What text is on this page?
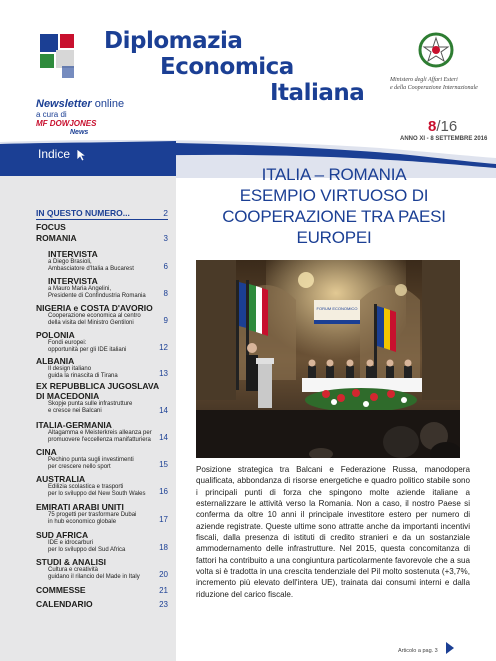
Diplomazia
Economica
Italiana	Ministero degli Affari Esteri
e della Cooperazione Internazionale
Newsletter online
a cura di
MF DOWJONES
News	8/16
ANNO XI - 8 SETTEMBRE 2016
Indice
IN QUESTO NUMERO...	2
FOCUS
ROMANIA	3
INTERVISTA
a Diego Brasioli,
Ambasciatore d'Italia a Bucarest	6
INTERVISTA
a Mauro Maria Angelini,
Presidente di Confindustria Romania	8
NIGERIA e COSTA D'AVORIO
Cooperazione economica al centro
della visita del Ministro Gentiloni	9
POLONIA
Fondi europei:
opportunità per gli IDE italiani	12
ALBANIA
Il design italiano
guida la rinascita di Tirana	13
EX REPUBBLICA JUGOSLAVA
DI MACEDONIA
Skopje punta sulle infrastrutture
e cresce nei Balcani	14
ITALIA-GERMANIA
Altagamma e Meisterkreis alleanza per
promuovere l'eccellenza manifatturiera	14
CINA
Pechino punta sugli investimenti
per crescere nello sport	15
AUSTRALIA
Edilizia scolastica e trasporti
per lo sviluppo del New South Wales	16
EMIRATI ARABI UNITI
75 progetti per trasformare Dubai
in hub economico globale	17
SUD AFRICA
IDE e idrocarburi
per lo sviluppo del Sud Africa	18
STUDI & ANALISI
Cultura e creatività
guidano il rilancio del Made in Italy	20
COMMESSE	21
CALENDARIO	23
ITALIA – ROMANIA
ESEMPIO VIRTUOSO DI
COOPERAZIONE TRA PAESI
EUROPEI
FORUM ECONOMICO
Posizione strategica tra Balcani e Federazione Russa, manodopera qualificata, abbondanza di risorse energetiche e quadro politico stabile sono i principali punti di forza che spingono molte aziende italiane a esternalizzare le attività verso la Romania. Non a caso, il nostro Paese si conferma da oltre 10 anni il principale investitore estero per numero di aziende registrate. Queste ultime sono attratte anche da importanti incentivi fiscali, dalla presenza di istituti di credito stranieri e da un sostanziale ammodernamento delle infrastrutture. Nel 2015, questa concomitanza di fattori ha contribuito a una congiuntura particolarmente favorevole che a sua volta si è tradotta in una crescita tendenziale del Pil molto sostenuta (+3,7%, incremento più elevato dell'intera UE), trainata dai consumi interni e dalla riduzione del carico fiscale.
Articolo a pag. 3
